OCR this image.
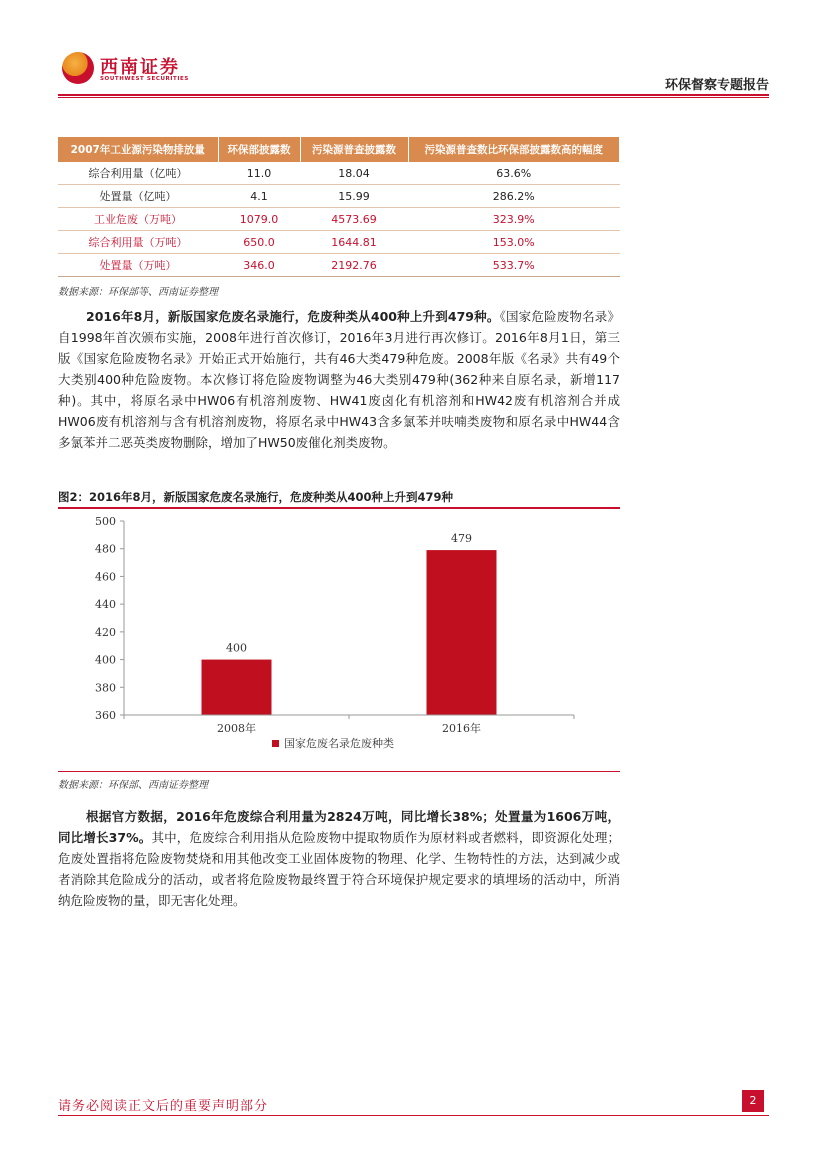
西南证券
SOUTHWEST SECURITIES	环保督察专题报告
2007年工业源污染物排放量	环保部披露数	污染源普查披露数	污染源普查数比环保部披露数高的幅度
综合利用量（亿吨）	11.0	18.04	63.6%
处置量（亿吨）	4.1	15.99	286.2%
工业危废（万吨）	1079.0	4573.69	323.9%
综合利用量（万吨）	650.0	1644.81	153.0%
处置量（万吨）	346.0	2192.76	533.7%
数据来源：环保部等、西南证券整理
2016年8月，新版国家危废名录施行，危废种类从400种上升到479种。《国家危险废物名录》自1998年首次颁布实施，2008年进行首次修订，2016年3月进行再次修订。2016年8月1日，第三版《国家危险废物名录》开始正式开始施行，共有46大类479种危废。2008年版《名录》共有49个大类别400种危险废物。本次修订将危险废物调整为46大类别479种(362种来自原名录，新增117种)。其中，将原名录中HW06有机溶剂废物、HW41废卤化有机溶剂和HW42废有机溶剂合并成HW06废有机溶剂与含有机溶剂废物，将原名录中HW43含多氯苯并呋喃类废物和原名录中HW44含多氯苯并二恶英类废物删除，增加了HW50废催化剂类废物。
图2：2016年8月，新版国家危废名录施行，危废种类从400种上升到479种
360
380
400
420
440
460
480
500
400
479
2008年	2016年
国家危废名录危废种类
数据来源：环保部、西南证券整理
根据官方数据，2016年危废综合利用量为2824万吨，同比增长38%；处置量为1606万吨，同比增长37%。其中，危废综合利用指从危险废物中提取物质作为原材料或者燃料，即资源化处理；危废处置指将危险废物焚烧和用其他改变工业固体废物的物理、化学、生物特性的方法，达到减少或者消除其危险成分的活动，或者将危险废物最终置于符合环境保护规定要求的填埋场的活动中，所消纳危险废物的量，即无害化处理。
请务必阅读正文后的重要声明部分	2
